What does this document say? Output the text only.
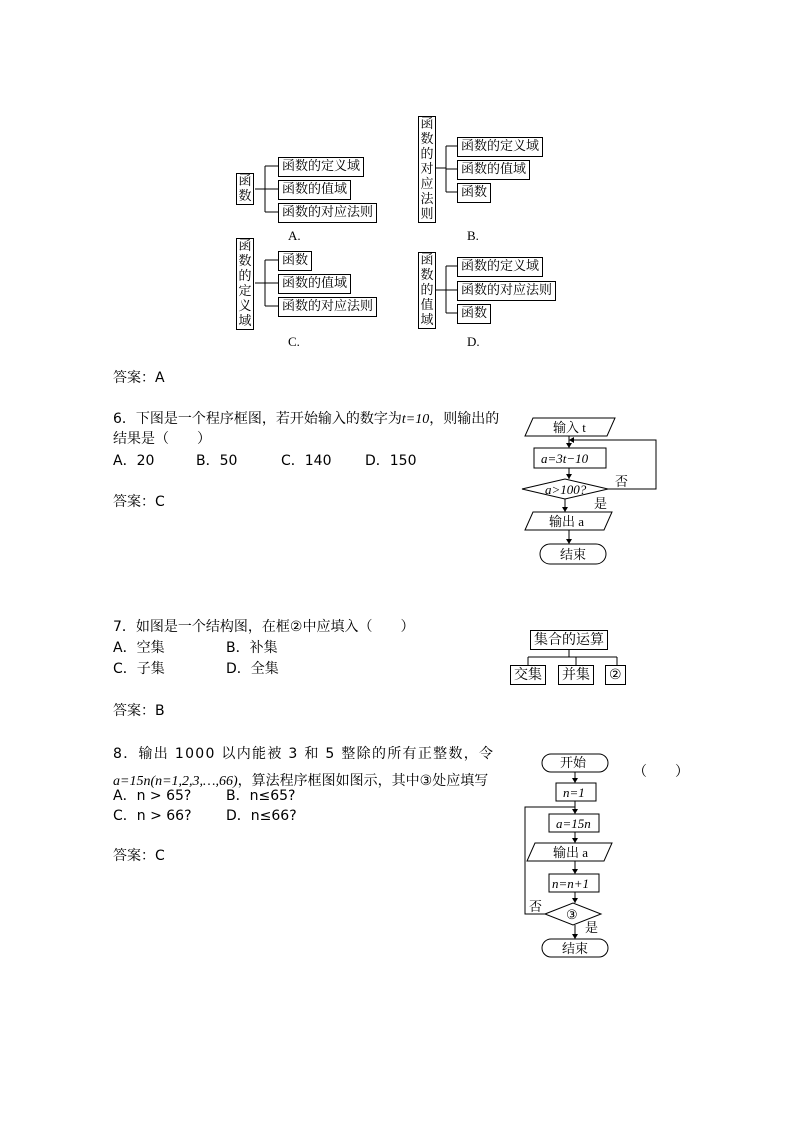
函数
函数的定义域
函数的值域
函数的对应法则
A.
函数的对应法则
函数的定义域
函数的值域
函数
B.
函数的定义域
函数
函数的值域
函数的对应法则
C.
函数的值域
函数的定义域
函数的对应法则
函数
D.
答案：A
6．下图是一个程序框图，若开始输入的数字为t=10，则输出的
结果是（　　）
A．20	B．50	C．140 D．150
答案：C
输入 t
a=3t−10
a>100?
否
是
输出 a
结束
7．如图是一个结构图，在框②中应填入（　　）
A．空集	B．补集
C．子集	D．全集
答案：B
集合的运算
交集 并集 ②
8．输出 1000 以内能被 3 和 5 整除的所有正整数，令
a=15n(n=1,2,3,…,66)，算法程序框图如图示，其中③处应填写
（　　）
A．n > 65? B．n≤65?
C．n > 66? D．n≤66?
答案：C
开始
n=1
a=15n
输出 a
n=n+1
③
否
是
结束
